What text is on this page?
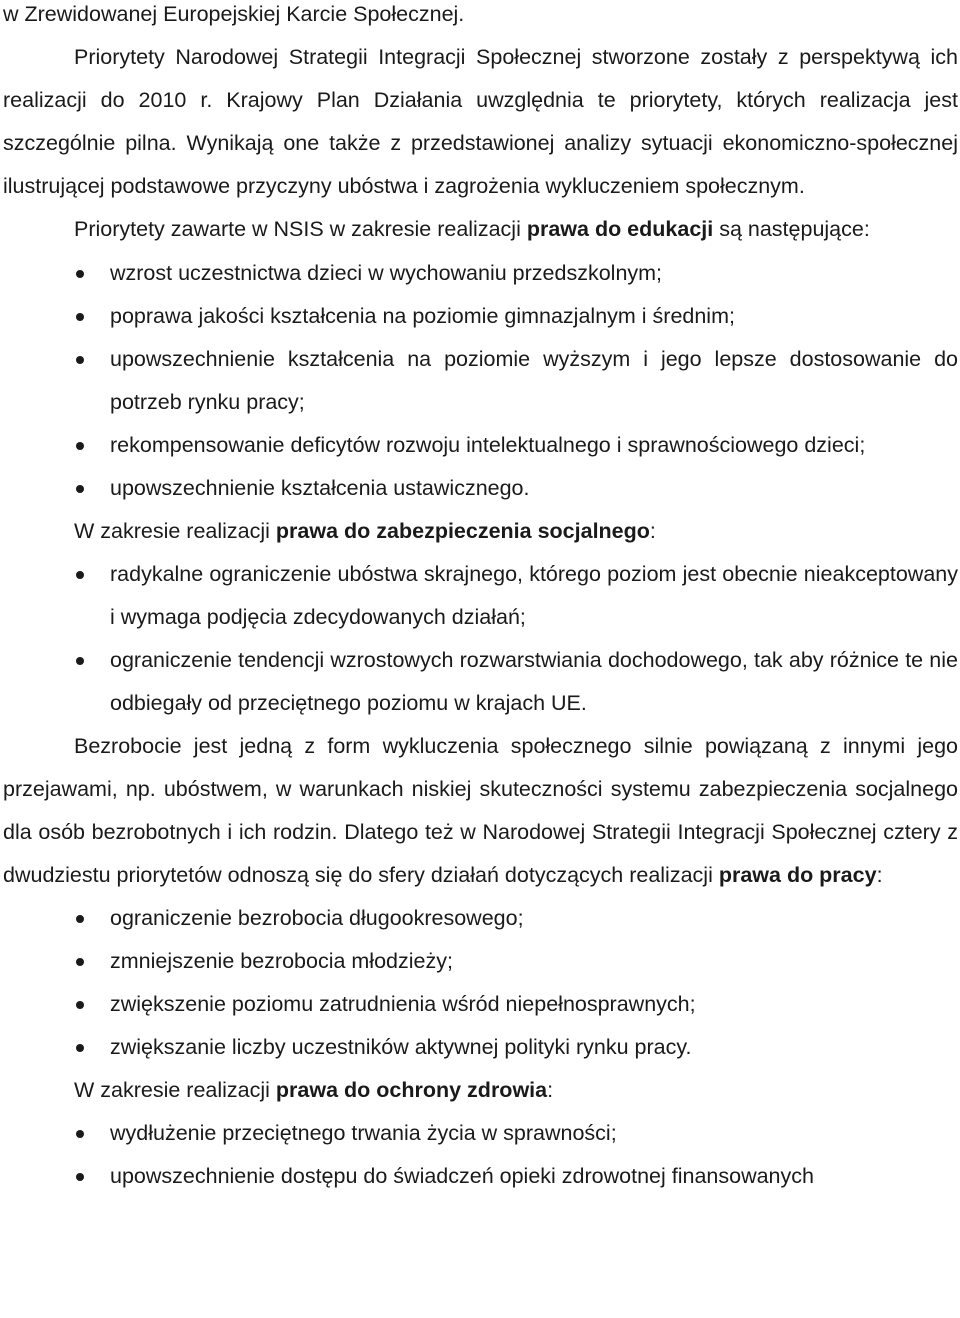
w Zrewidowanej Europejskiej Karcie Społecznej.

Priorytety Narodowej Strategii Integracji Społecznej stworzone zostały z perspektywą ich realizacji do 2010 r. Krajowy Plan Działania uwzględnia te priorytety, których realizacja jest szczególnie pilna. Wynikają one także z przedstawionej analizy sytuacji ekonomiczno-społecznej ilustrującej podstawowe przyczyny ubóstwa i zagrożenia wykluczeniem społecznym.

Priorytety zawarte w NSIS w zakresie realizacji prawa do edukacji są następujące:

wzrost uczestnictwa dzieci w wychowaniu przedszkolnym;
poprawa jakości kształcenia na poziomie gimnazjalnym i średnim;
upowszechnienie kształcenia na poziomie wyższym i jego lepsze dostosowanie do potrzeb rynku pracy;
rekompensowanie deficytów rozwoju intelektualnego i sprawnościowego dzieci;
upowszechnienie kształcenia ustawicznego.

W zakresie realizacji prawa do zabezpieczenia socjalnego:

radykalne ograniczenie ubóstwa skrajnego, którego poziom jest obecnie nieakceptowany i wymaga podjęcia zdecydowanych działań;
ograniczenie tendencji wzrostowych rozwarstwiania dochodowego, tak aby różnice te nie odbiegały od przeciętnego poziomu w krajach UE.

Bezrobocie jest jedną z form wykluczenia społecznego silnie powiązaną z innymi jego przejawami, np. ubóstwem, w warunkach niskiej skuteczności systemu zabezpieczenia socjalnego dla osób bezrobotnych i ich rodzin. Dlatego też w Narodowej Strategii Integracji Społecznej cztery z dwudziestu priorytetów odnoszą się do sfery działań dotyczących realizacji prawa do pracy:

ograniczenie bezrobocia długookresowego;
zmniejszenie bezrobocia młodzieży;
zwiększenie poziomu zatrudnienia wśród niepełnosprawnych;
zwiększanie liczby uczestników aktywnej polityki rynku pracy.

W zakresie realizacji prawa do ochrony zdrowia:

wydłużenie przeciętnego trwania życia w sprawności;
upowszechnienie dostępu do świadczeń opieki zdrowotnej finansowanych
